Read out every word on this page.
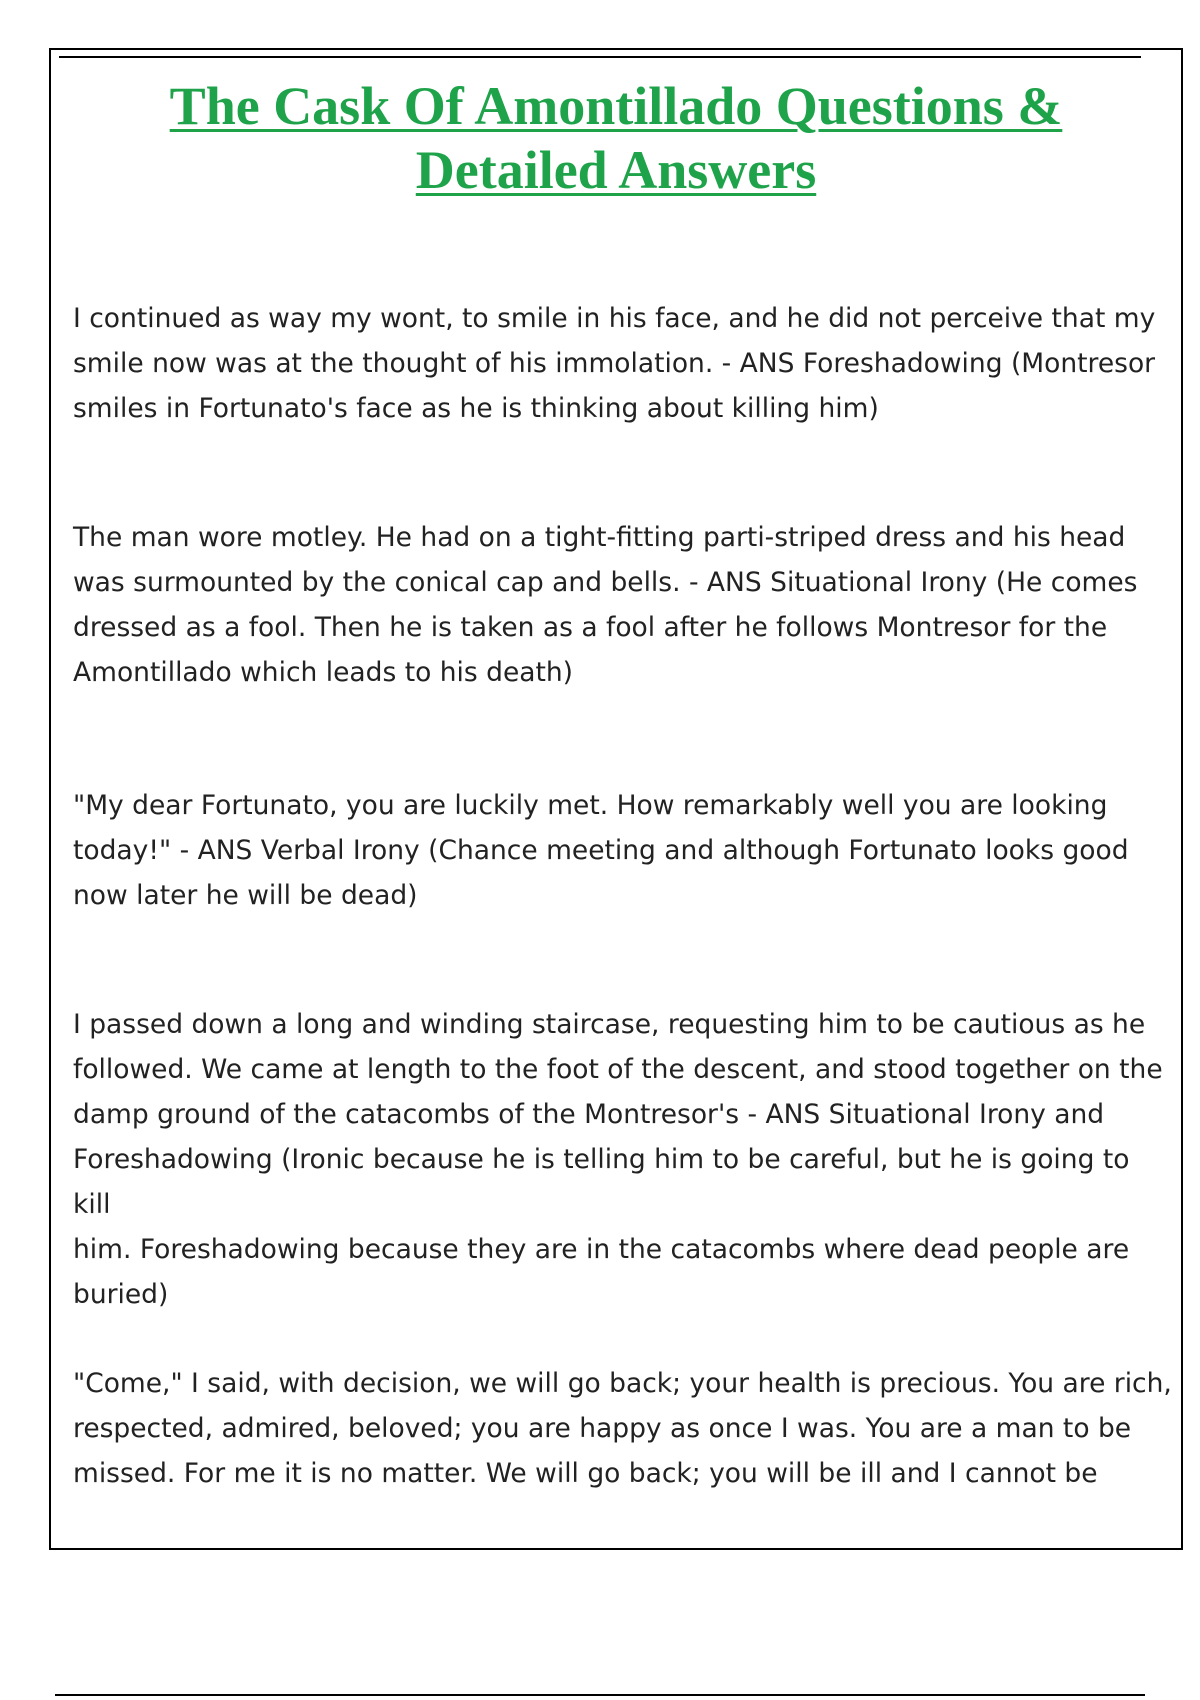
The Cask Of Amontillado Questions &
Detailed Answers

I continued as way my wont, to smile in his face, and he did not perceive that my
smile now was at the thought of his immolation. - ANS Foreshadowing (Montresor
smiles in Fortunato's face as he is thinking about killing him)

The man wore motley. He had on a tight-fitting parti-striped dress and his head
was surmounted by the conical cap and bells. - ANS Situational Irony (He comes
dressed as a fool. Then he is taken as a fool after he follows Montresor for the
Amontillado which leads to his death)

"My dear Fortunato, you are luckily met. How remarkably well you are looking
today!" - ANS Verbal Irony (Chance meeting and although Fortunato looks good
now later he will be dead)

I passed down a long and winding staircase, requesting him to be cautious as he
followed. We came at length to the foot of the descent, and stood together on the
damp ground of the catacombs of the Montresor's - ANS Situational Irony and
Foreshadowing (Ironic because he is telling him to be careful, but he is going to kill
him. Foreshadowing because they are in the catacombs where dead people are
buried)

"Come," I said, with decision, we will go back; your health is precious. You are rich,
respected, admired, beloved; you are happy as once I was. You are a man to be
missed. For me it is no matter. We will go back; you will be ill and I cannot be
